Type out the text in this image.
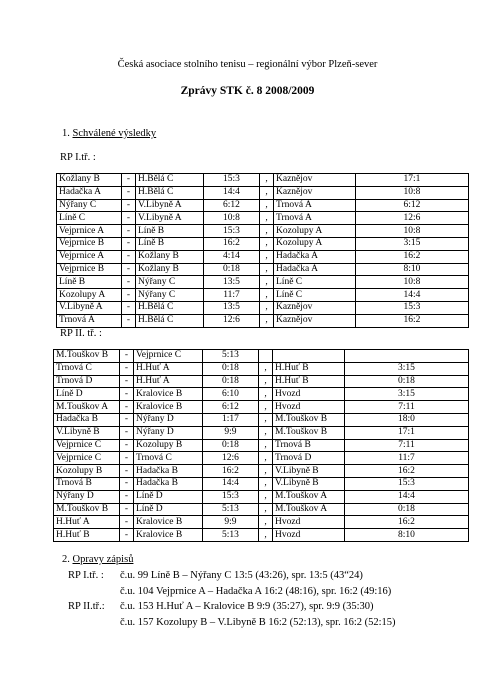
Česká asociace stolního tenisu – regionální výbor Plzeň-sever
Zprávy STK č. 8 2008/2009
1. Schválené výsledky
RP I.tř. :
Kožlany B	-	H.Bělá C	15:3	,	Kaznějov	17:1
Hadačka A	-	H.Bělá C	14:4	,	Kaznějov	10:8
Nýřany C	-	V.Libyně A	6:12	,	Trnová A	6:12
Líně C	-	V.Libyně A	10:8	,	Trnová A	12:6
Vejprnice A	-	Líně B	15:3	,	Kozolupy A	10:8
Vejprnice B	-	Líně B	16:2	,	Kozolupy A	3:15
Vejprnice A	-	Kožlany B	4:14	,	Hadačka A	16:2
Vejprnice B	-	Kožlany B	0:18	,	Hadačka A	8:10
Líně B	-	Nýřany C	13:5	,	Líně C	10:8
Kozolupy A	-	Nýřany C	11:7	,	Líně C	14:4
V.Libyně A	-	H.Bělá C	13:5	,	Kaznějov	15:3
Trnová A	-	H.Bělá C	12:6	,	Kaznějov	16:2
RP II. tř. :
M.Touškov B	-	Vejprnice C	5:13			
Trnová C	-	H.Huť A	0:18	,	H.Huť B	3:15
Trnová D	-	H.Huť A	0:18	,	H.Huť B	0:18
Líně D	-	Kralovice B	6:10	,	Hvozd	3:15
M.Touškov A	-	Kralovice B	6:12	,	Hvozd	7:11
Hadačka B	-	Nýřany D	1:17	,	M.Touškov B	18:0
V.Libyně B	-	Nýřany D	9:9	,	M.Touškov B	17:1
Vejprnice C	-	Kozolupy B	0:18	,	Trnová B	7:11
Vejprnice C	-	Trnová C	12:6	,	Trnová D	11:7
Kozolupy B	-	Hadačka B	16:2	,	V.Libyně B	16:2
Trnová B	-	Hadačka B	14:4	,	V.Libyně B	15:3
Nýřany D	-	Líně D	15:3	,	M.Touškov A	14:4
M.Touškov B	-	Líně D	5:13	,	M.Touškov A	0:18
H.Huť A	-	Kralovice B	9:9	,	Hvozd	16:2
H.Huť B	-	Kralovice B	5:13	,	Hvozd	8:10
2. Opravy zápisů
RP I.tř. : č.u. 99 Líně B – Nýřany C 13:5 (43:26), spr. 13:5 (43“24)
č.u. 104 Vejprnice A – Hadačka A 16:2 (48:16), spr. 16:2 (49:16)
RP II.tř.: č.u. 153 H.Huť A – Kralovice B 9:9 (35:27), spr. 9:9 (35:30)
č.u. 157 Kozolupy B – V.Libyně B 16:2 (52:13), spr. 16:2 (52:15)
